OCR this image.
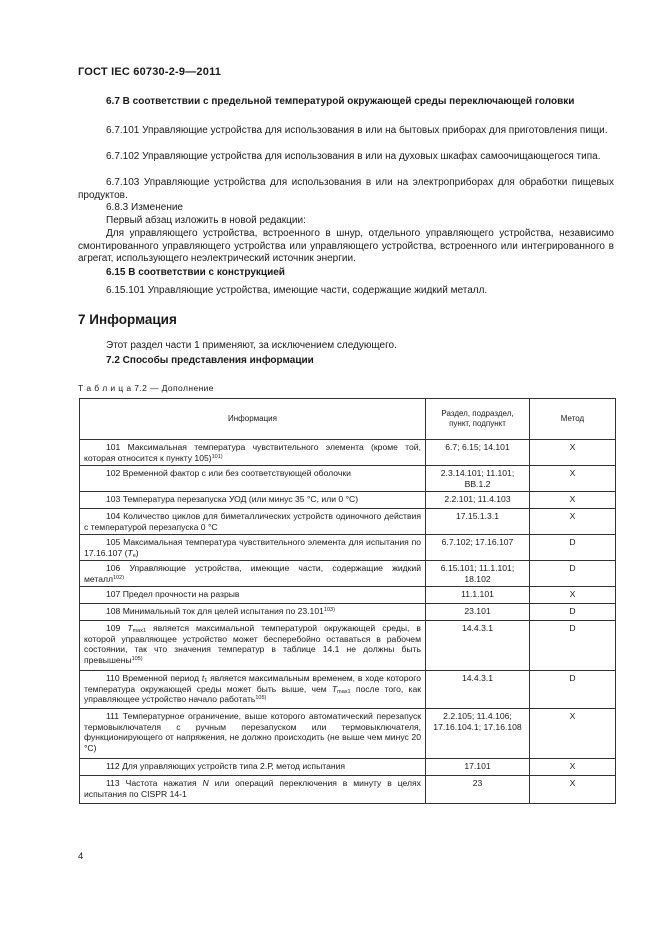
ГОСТ IEC 60730-2-9—2011

6.7 В соответствии с предельной температурой окружающей среды переключающей головки

6.7.101 Управляющие устройства для использования в или на бытовых приборах для приготовления пищи.

6.7.102 Управляющие устройства для использования в или на духовых шкафах самоочищающегося типа.

6.7.103 Управляющие устройства для использования в или на электроприборах для обработки пищевых продуктов.

6.8.3 Изменение

Первый абзац изложить в новой редакции:

Для управляющего устройства, встроенного в шнур, отдельного управляющего устройства, независимо смонтированного управляющего устройства или управляющего устройства, встроенного или интегрированного в агрегат, использующего неэлектрический источник энергии.

6.15 В соответствии с конструкцией

6.15.101 Управляющие устройства, имеющие части, содержащие жидкий металл.

7 Информация

Этот раздел части 1 применяют, за исключением следующего.

7.2 Способы представления информации

Т а б л и ц а 7.2 — Дополнение
Информация	Раздел, подраздел, пункт, подпункт	Метод
101 Максимальная температура чувствительного элемента (кроме той, которая относится к пункту 105)$^{101)}$	6.7; 6.15; 14.101	X
102 Временной фактор с или без соответствующей оболочки	2.3.14.101; 11.101; ВВ.1.2	X
103 Температура перезапуска УОД (или минус 35 °С, или 0 °С)	2.2.101; 11.4.103	X
104 Количество циклов для биметаллических устройств одиночного действия с температурой перезапуска 0 °С	17.15.1.3.1	X
105 Максимальная температура чувствительного элемента для испытания по 17.16.107 $(T_e)$	6.7.102; 17.16.107	D
106 Управляющие устройства, имеющие части, содержащие жидкий металл$^{102)}$	6.15.101; 11.1.101; 18.102	D
107 Предел прочности на разрыв	11.1.101	X
108 Минимальный ток для целей испытания по 23.101$^{103)}$	23.101	D
109 $T_{max1}$ является максимальной температурой окружающей среды, в которой управляющее устройство может бесперебойно оставаться в рабочем состоянии, так что значения температур в таблице 14.1 не должны быть превышены$^{105)}$	14.4.3.1	D
110 Временной период $t_1$ является максимальным временем, в ходе которого температура окружающей среды может быть выше, чем $T_{max1}$ после того, как управляющее устройство начало работать$^{105)}$	14.4.3.1	D
111 Температурное ограничение, выше которого автоматический перезапуск термовыключателя с ручным перезапуском или термовыключателя, функционирующего от напряжения, не должно происходить (не выше чем минус 20 °С)	2.2.105; 11.4.106; 17.16.104.1; 17.16.108	X
112 Для управляющих устройств типа 2.Р, метод испытания	17.101	X
113 Частота нажатия N или операций переключения в минуту в целях испытания по CISPR 14-1	23	X
4
